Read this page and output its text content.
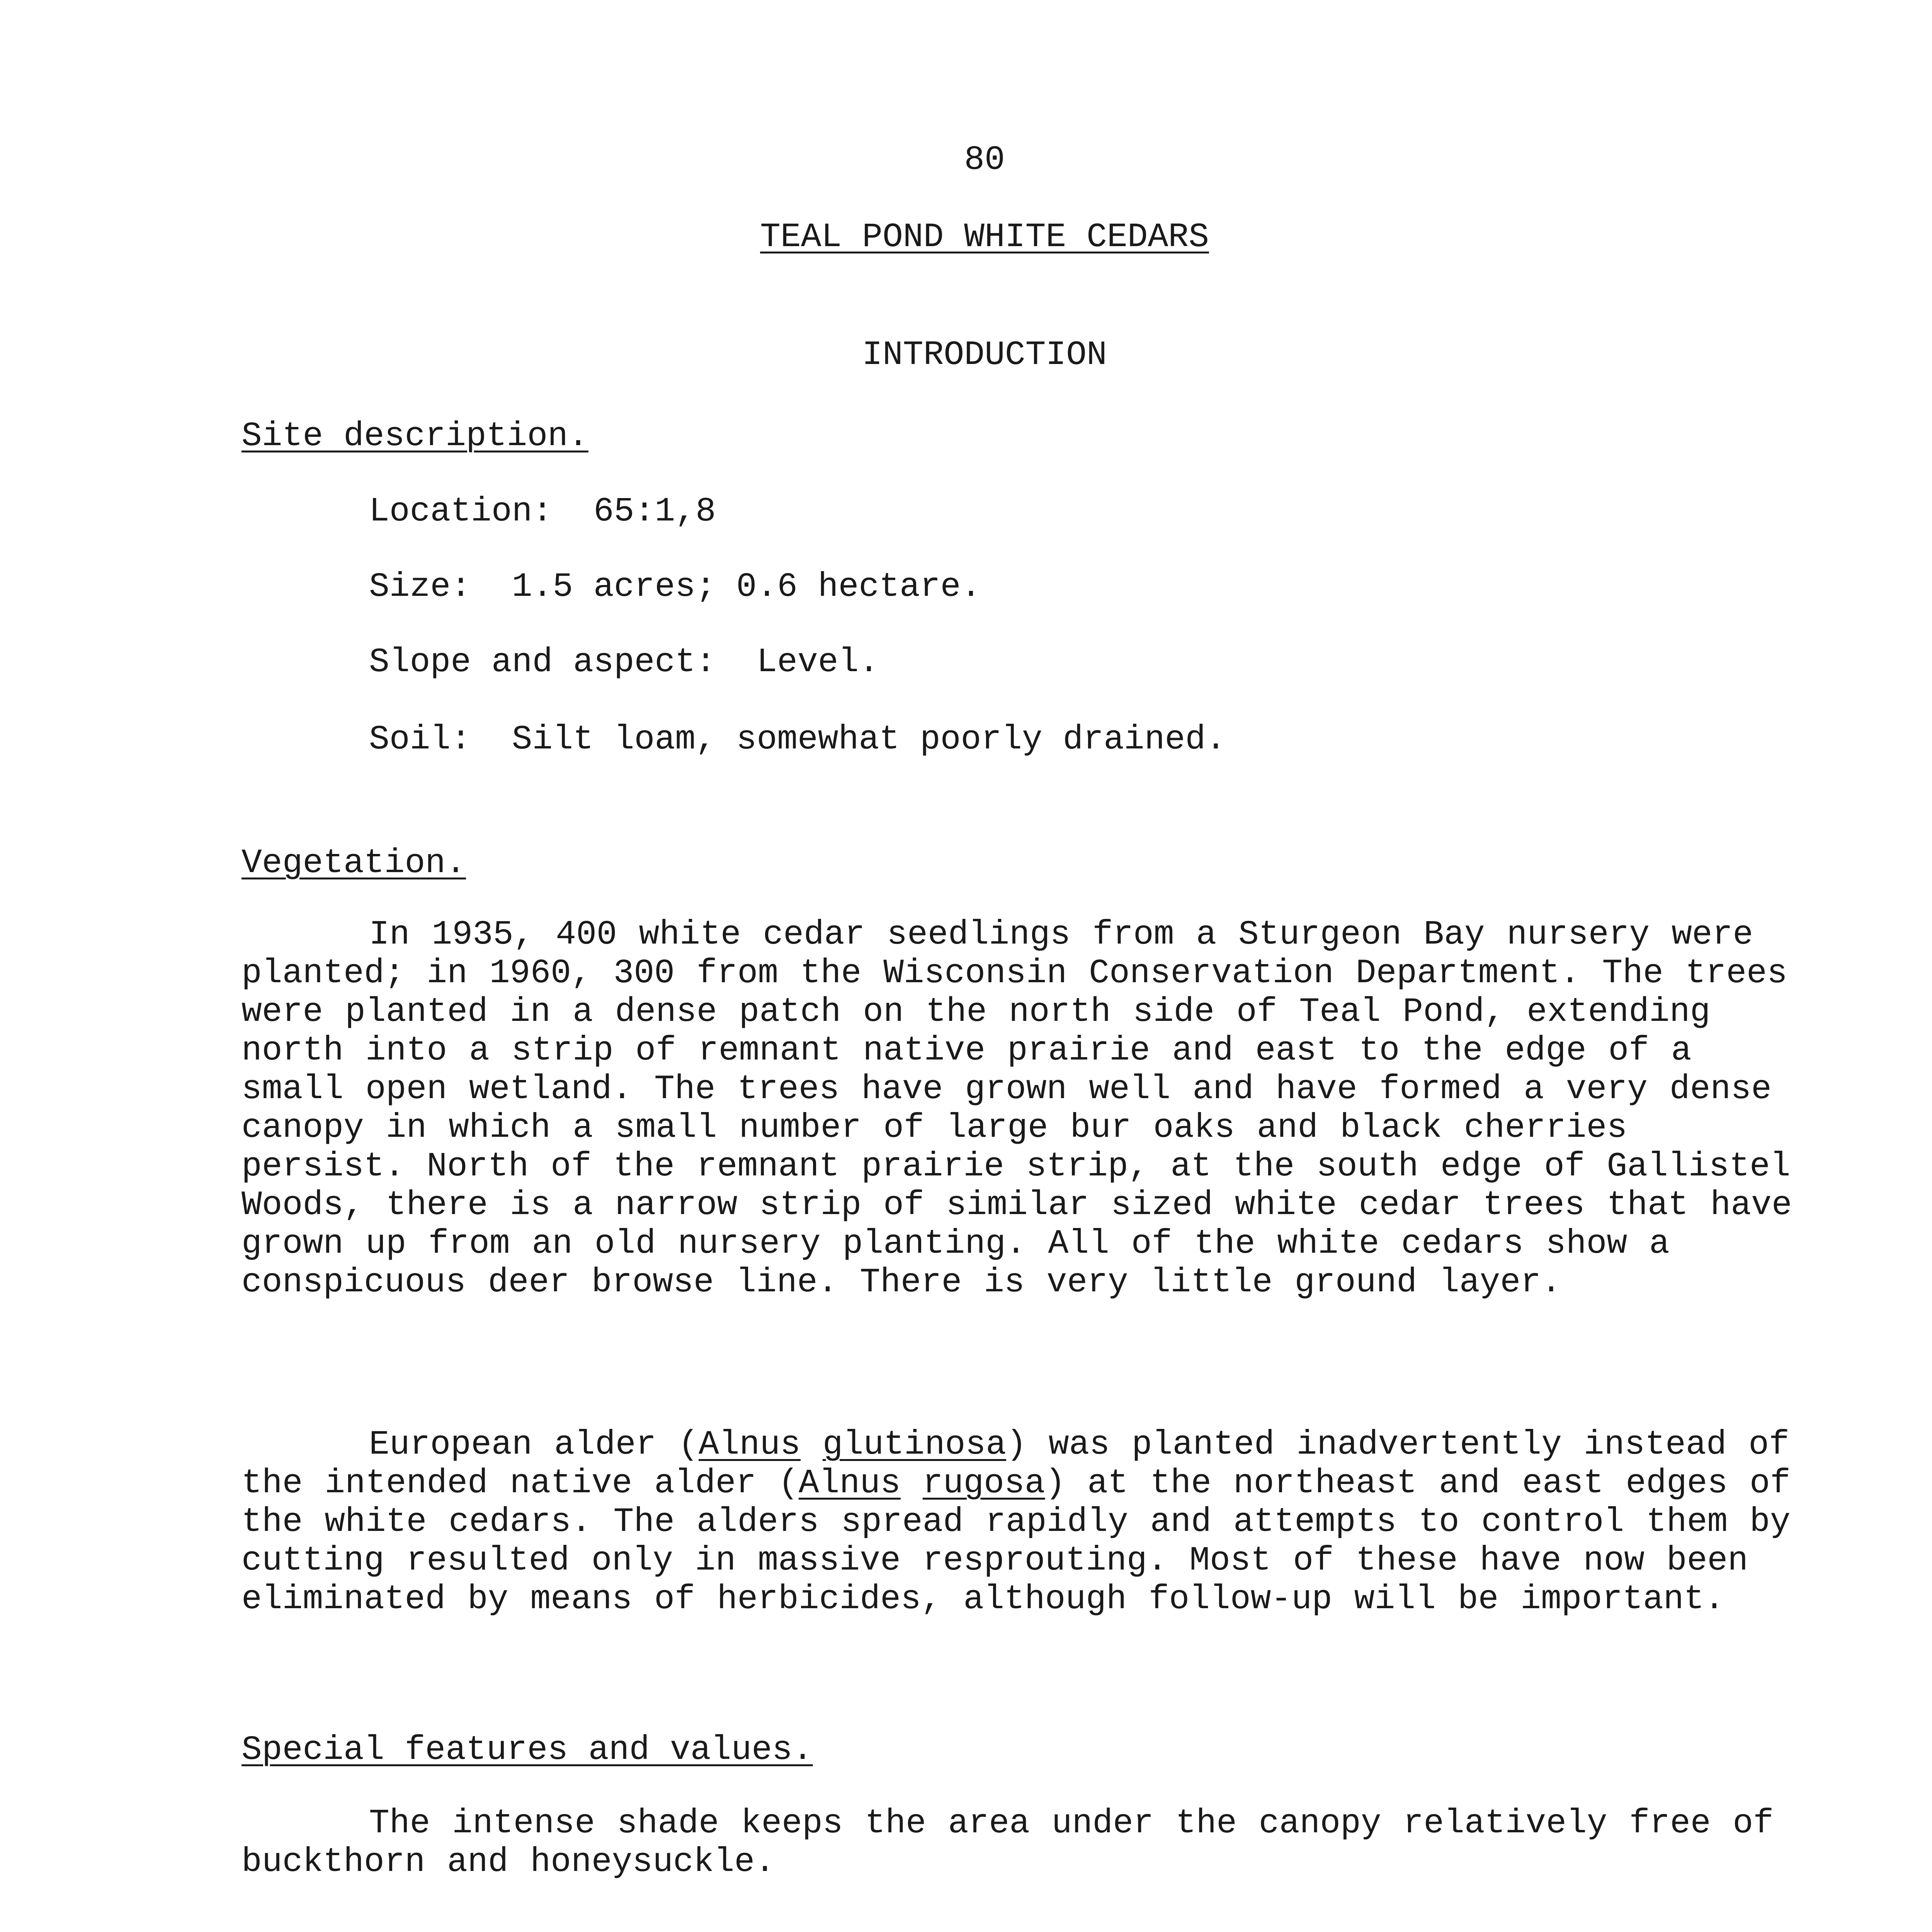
80

TEAL POND WHITE CEDARS

INTRODUCTION

Site description.

Location:  65:1,8

Size:  1.5 acres; 0.6 hectare.

Slope and aspect:  Level.

Soil:  Silt loam, somewhat poorly drained.

Vegetation.

In 1935, 400 white cedar seedlings from a Sturgeon Bay nursery were planted; in 1960, 300 from the Wisconsin Conservation Department. The trees were planted in a dense patch on the north side of Teal Pond, extending north into a strip of remnant native prairie and east to the edge of a small open wetland. The trees have grown well and have formed a very dense canopy in which a small number of large bur oaks and black cherries persist. North of the remnant prairie strip, at the south edge of Gallistel Woods, there is a narrow strip of similar sized white cedar trees that have grown up from an old nursery planting. All of the white cedars show a conspicuous deer browse line. There is very little ground layer.

European alder (Alnus glutinosa) was planted inadvertently instead of the intended native alder (Alnus rugosa) at the northeast and east edges of the white cedars. The alders spread rapidly and attempts to control them by cutting resulted only in massive resprouting. Most of these have now been eliminated by means of herbicides, although follow-up will be important.

Special features and values.

The intense shade keeps the area under the canopy relatively free of buckthorn and honeysuckle.
